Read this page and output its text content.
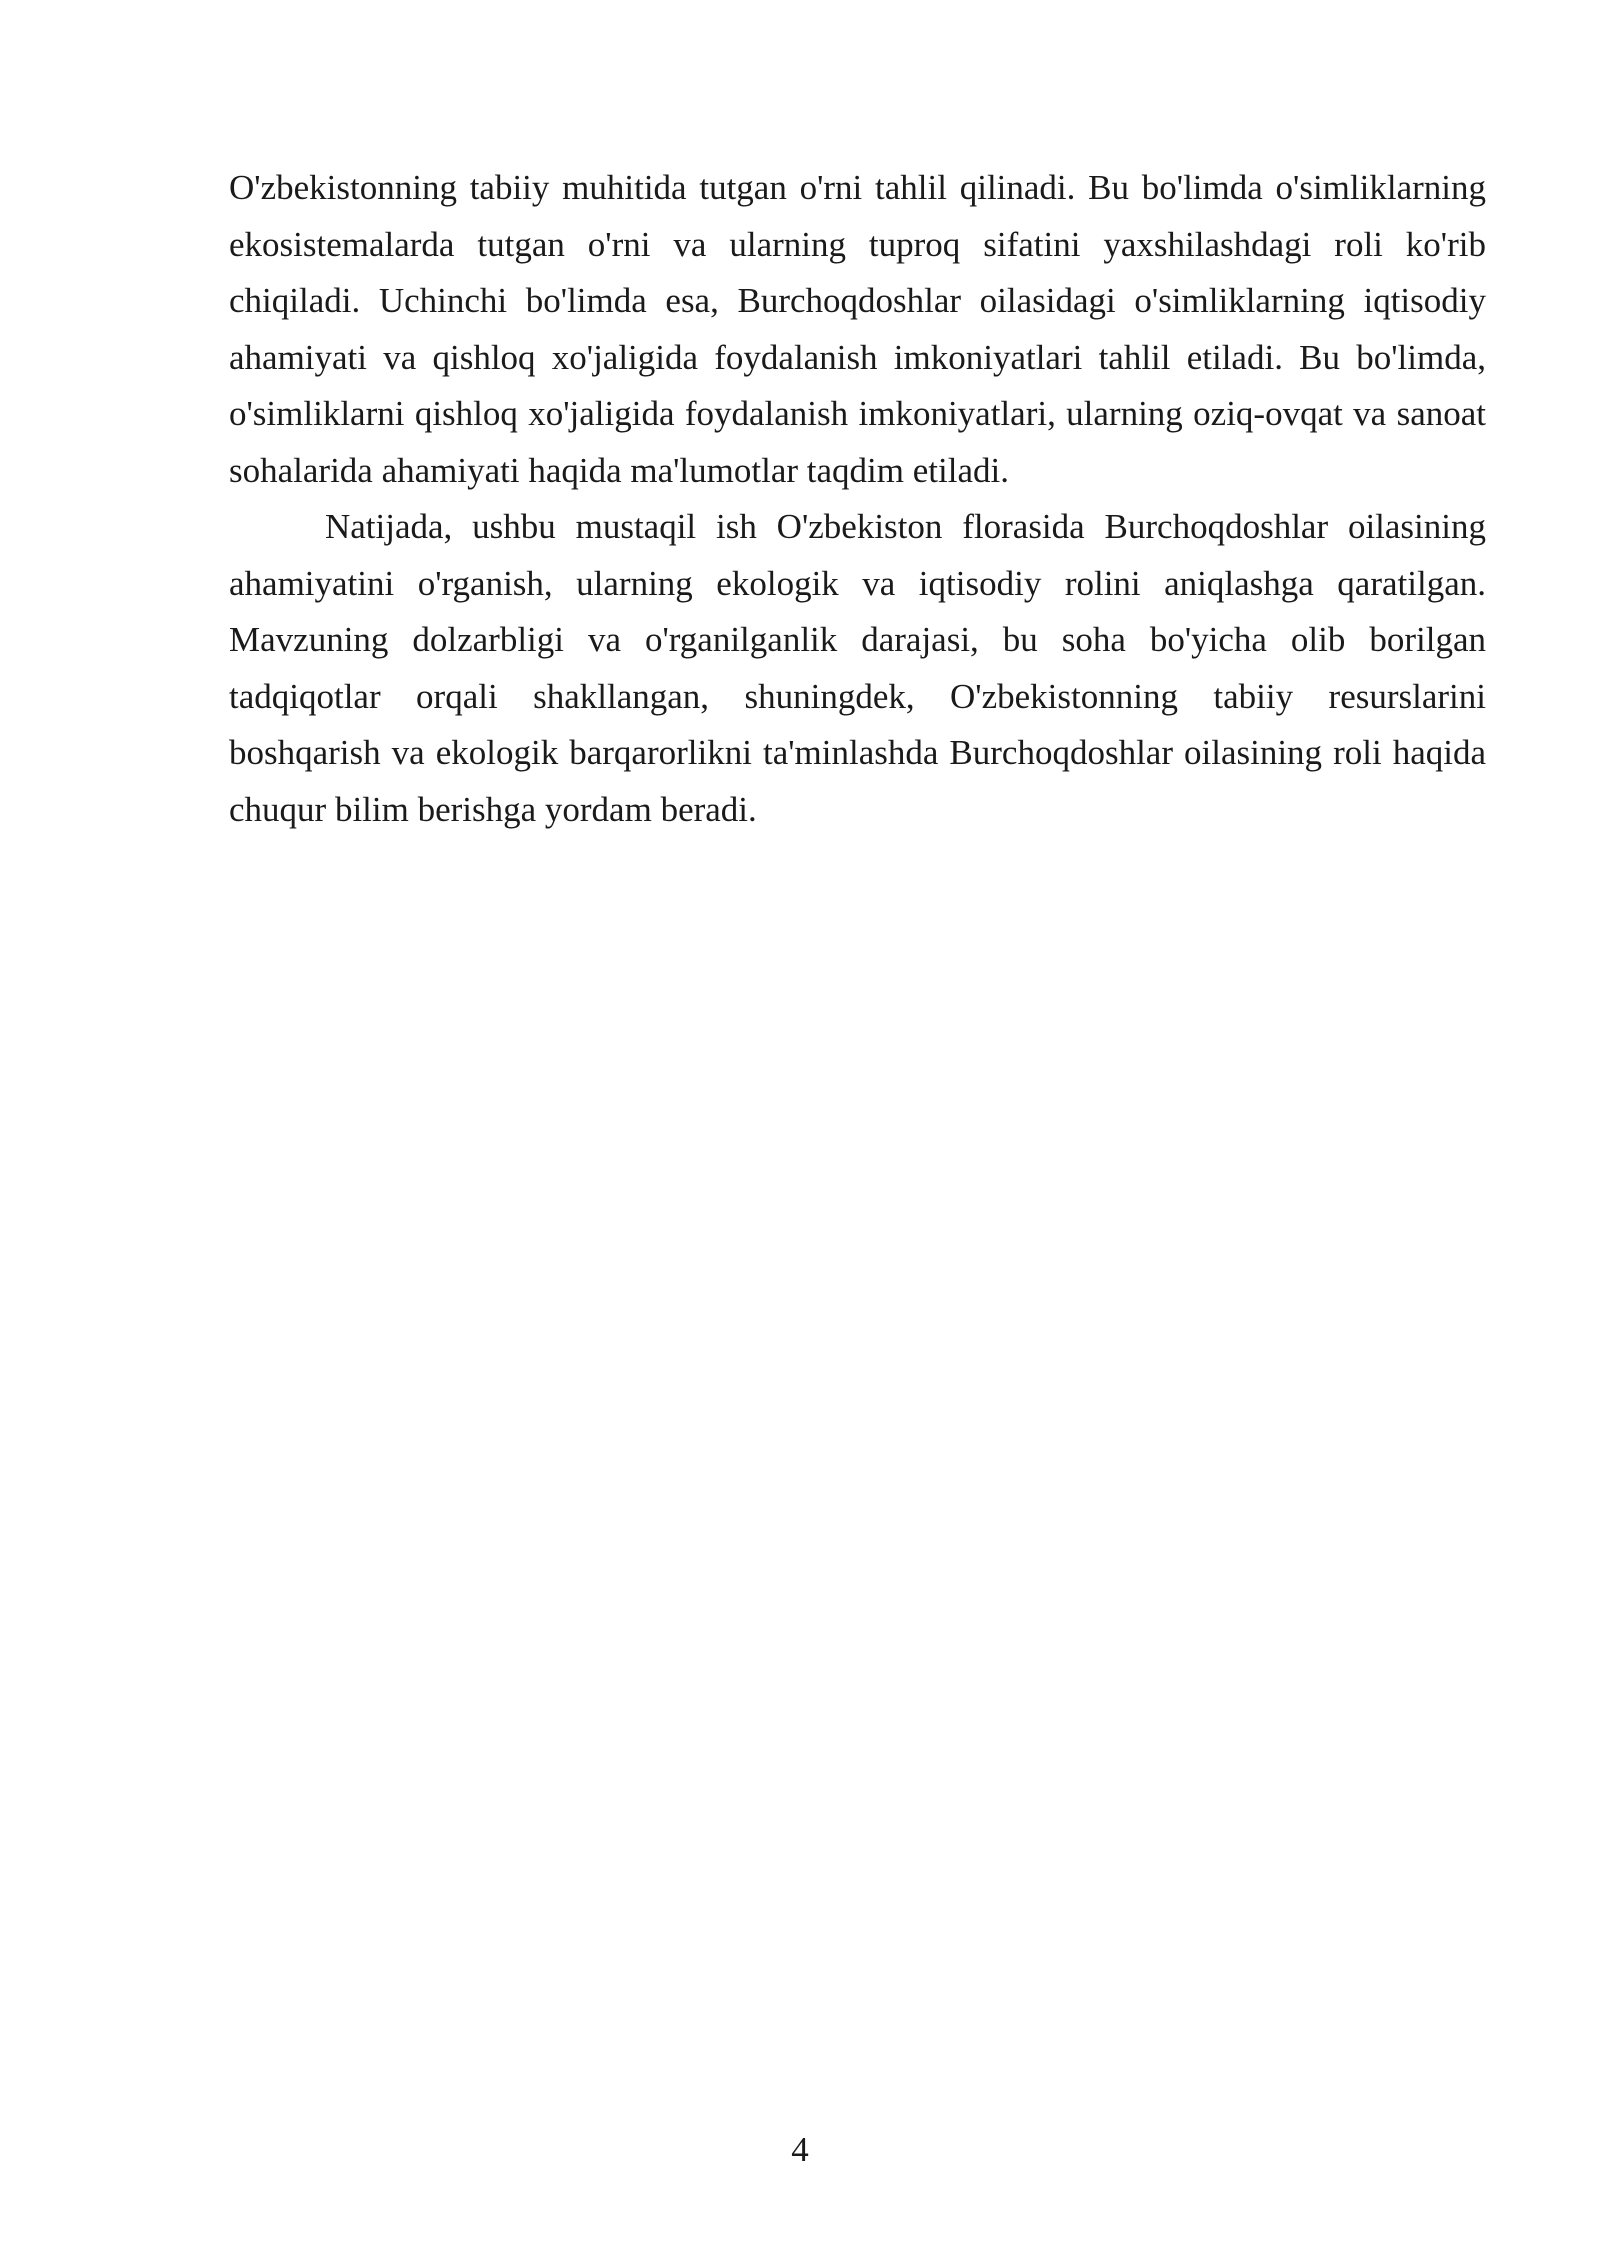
O'zbekistonning tabiiy muhitida tutgan o'rni tahlil qilinadi. Bu bo'limda o'simliklarning ekosistemalarda tutgan o'rni va ularning tuproq sifatini yaxshilashdagi roli ko'rib chiqiladi. Uchinchi bo'limda esa, Burchoqdoshlar oilasidagi o'simliklarning iqtisodiy ahamiyati va qishloq xo'jaligida foydalanish imkoniyatlari tahlil etiladi. Bu bo'limda, o'simliklarni qishloq xo'jaligida foydalanish imkoniyatlari, ularning oziq-ovqat va sanoat sohalarida ahamiyati haqida ma'lumotlar taqdim etiladi.

Natijada, ushbu mustaqil ish O'zbekiston florasida Burchoqdoshlar oilasining ahamiyatini o'rganish, ularning ekologik va iqtisodiy rolini aniqlashga qaratilgan. Mavzuning dolzarbligi va o'rganilganlik darajasi, bu soha bo'yicha olib borilgan tadqiqotlar orqali shakllangan, shuningdek, O'zbekistonning tabiiy resurslarini boshqarish va ekologik barqarorlikni ta'minlashda Burchoqdoshlar oilasining roli haqida chuqur bilim berishga yordam beradi.

4
